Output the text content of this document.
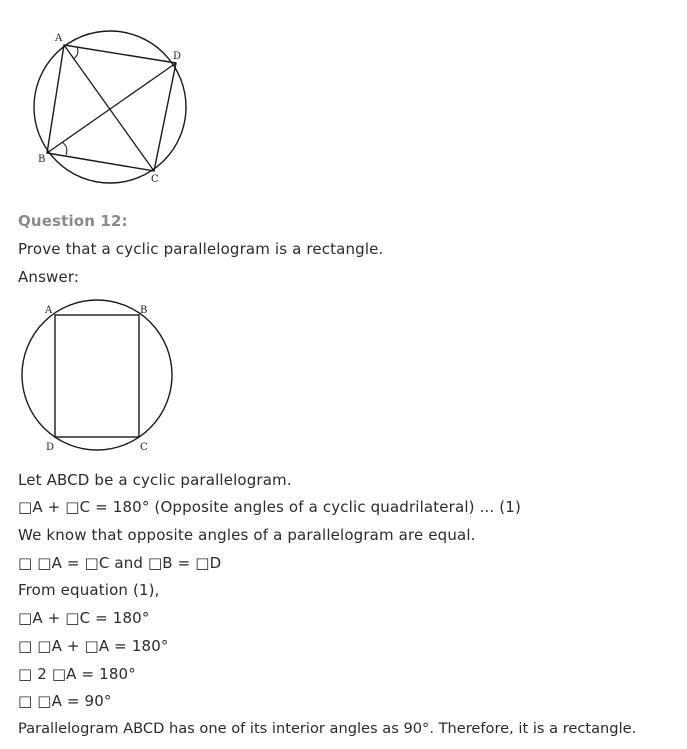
A
D
B
C
Question 12:
Prove that a cyclic parallelogram is a rectangle.
Answer:
A	B
D	C
Let ABCD be a cyclic parallelogram.
□A + □C = 180° (Opposite angles of a cyclic quadrilateral) ... (1)
We know that opposite angles of a parallelogram are equal.
□ □A = □C and □B = □D
From equation (1),
□A + □C = 180°
□ □A + □A = 180°
□ 2 □A = 180°
□ □A = 90°
Parallelogram ABCD has one of its interior angles as 90°. Therefore, it is a rectangle.
